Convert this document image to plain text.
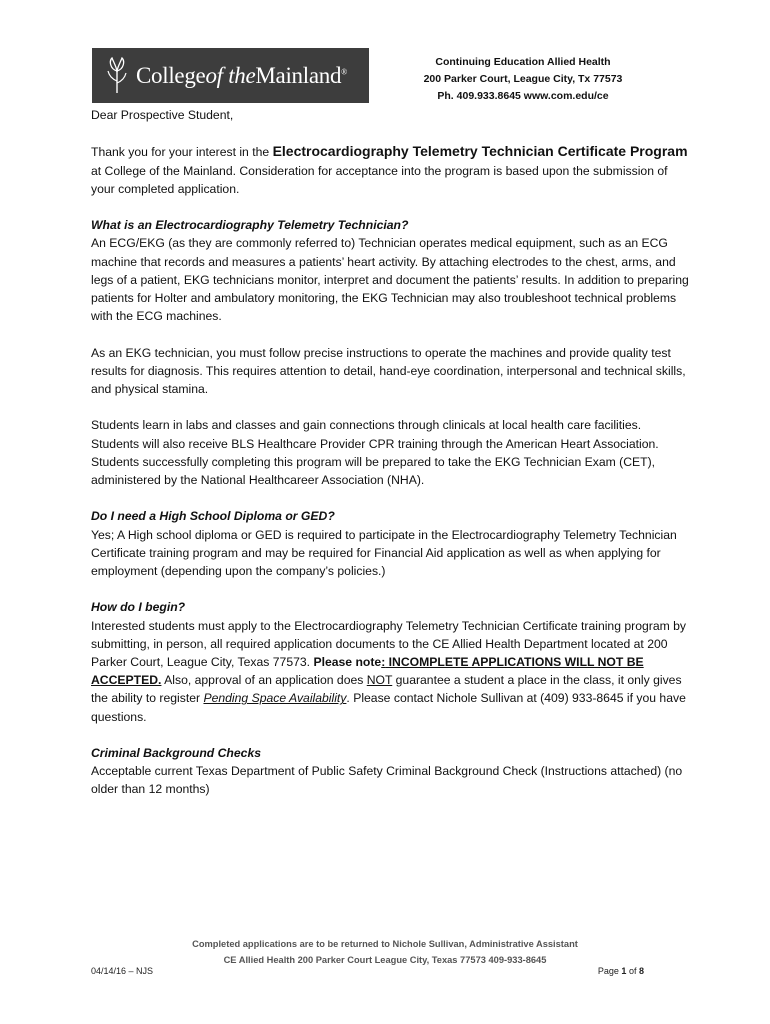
Collegeof theMainland®
Continuing Education Allied Health
200 Parker Court, League City, Tx 77573
Ph. 409.933.8645 www.com.edu/ce

Dear Prospective Student,

Thank you for your interest in the Electrocardiography Telemetry Technician Certificate Program at College of the Mainland. Consideration for acceptance into the program is based upon the submission of your completed application.

What is an Electrocardiography Telemetry Technician?

An ECG/EKG (as they are commonly referred to) Technician operates medical equipment, such as an ECG machine that records and measures a patients’ heart activity. By attaching electrodes to the chest, arms, and legs of a patient, EKG technicians monitor, interpret and document the patients’ results. In addition to preparing patients for Holter and ambulatory monitoring, the EKG Technician may also troubleshoot technical problems with the ECG machines.

As an EKG technician, you must follow precise instructions to operate the machines and provide quality test results for diagnosis. This requires attention to detail, hand-eye coordination, interpersonal and technical skills, and physical stamina.

Students learn in labs and classes and gain connections through clinicals at local health care facilities. Students will also receive BLS Healthcare Provider CPR training through the American Heart Association. Students successfully completing this program will be prepared to take the EKG Technician Exam (CET), administered by the National Healthcareer Association (NHA).

Do I need a High School Diploma or GED?

Yes; A High school diploma or GED is required to participate in the Electrocardiography Telemetry Technician Certificate training program and may be required for Financial Aid application as well as when applying for employment (depending upon the company’s policies.)

How do I begin?

Interested students must apply to the Electrocardiography Telemetry Technician Certificate training program by submitting, in person, all required application documents to the CE Allied Health Department located at 200 Parker Court, League City, Texas 77573. Please note: INCOMPLETE APPLICATIONS WILL NOT BE ACCEPTED. Also, approval of an application does NOT guarantee a student a place in the class, it only gives the ability to register Pending Space Availability. Please contact Nichole Sullivan at (409) 933-8645 if you have questions.

Criminal Background Checks

Acceptable current Texas Department of Public Safety Criminal Background Check (Instructions attached) (no older than 12 months)

Completed applications are to be returned to Nichole Sullivan, Administrative Assistant
CE Allied Health 200 Parker Court League City, Texas 77573 409-933-8645
04/14/16 – NJS	Page 1 of 8
